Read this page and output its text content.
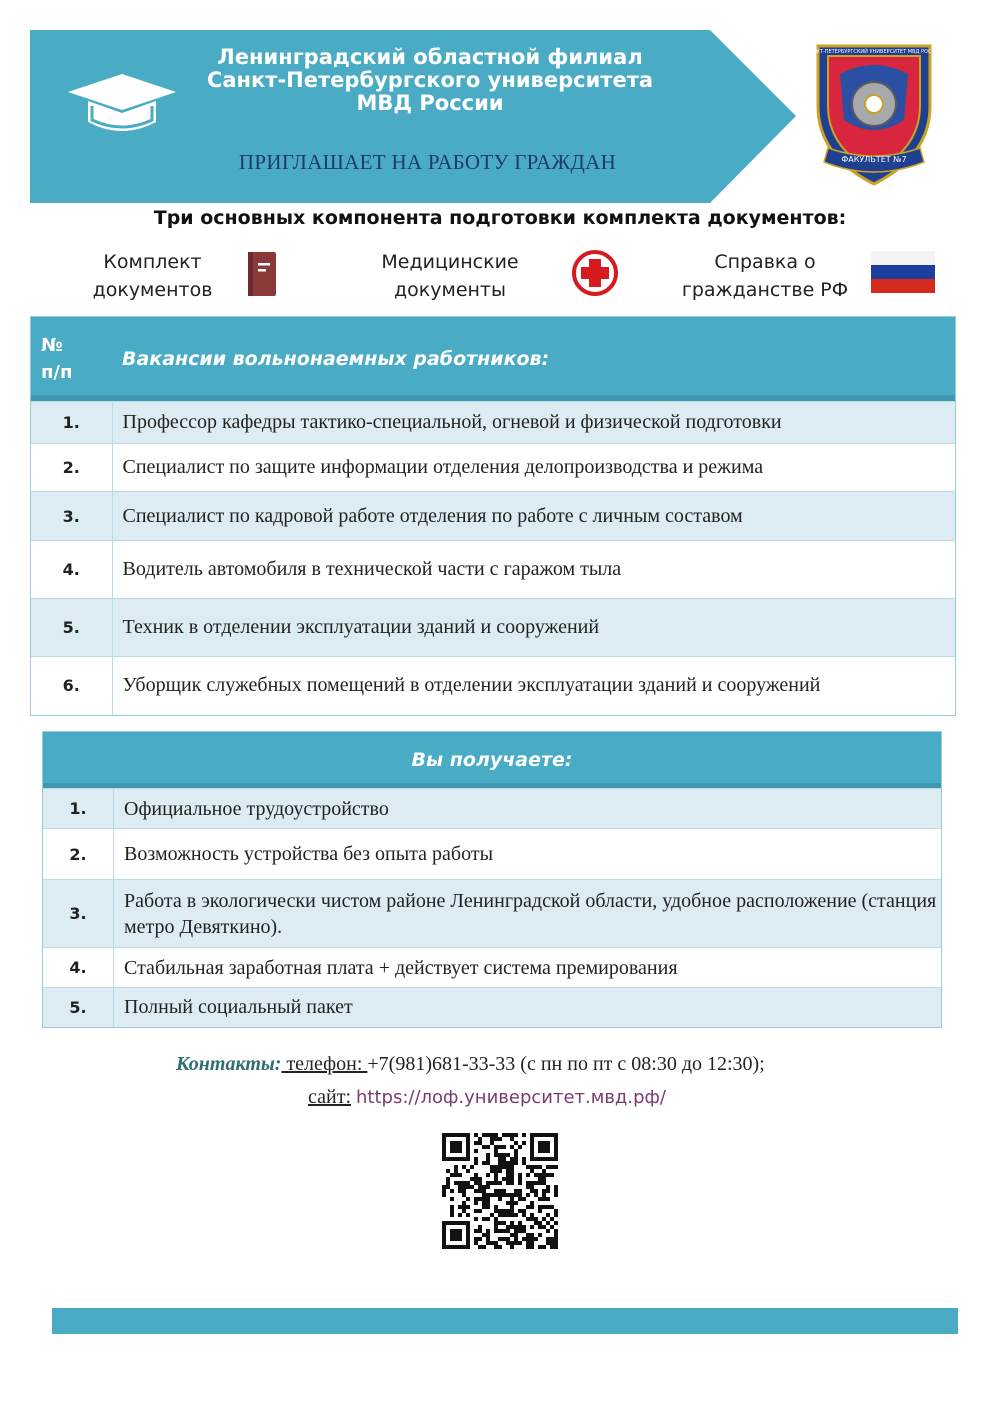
Ленинградский областной филиал
Санкт-Петербургского университета
МВД России
ПРИГЛАШАЕТ НА РАБОТУ ГРАЖДАН
САНКТ-ПЕТЕРБУРГСКИЙ УНИВЕРСИТЕТ МВД РОССИИ
ФАКУЛЬТЕТ №7
Три основных компонента подготовки комплекта документов:
Комплект
документов
Медицинские
документы
Справка о
гражданстве РФ
№
п/п	Вакансии вольнонаемных работников:
1.	Профессор кафедры тактико-специальной, огневой и физической подготовки
2.	Специалист по защите информации отделения делопроизводства и режима
3.	Специалист по кадровой работе отделения по работе с личным составом
4.	Водитель автомобиля в технической части с гаражом тыла
5.	Техник в отделении эксплуатации зданий и сооружений
6.	Уборщик служебных помещений в отделении эксплуатации зданий и сооружений
Вы получаете:	
1.	Официальное трудоустройство
2.	Возможность устройства без опыта работы
3.	Работа в экологически чистом районе Ленинградской области, удобное расположение (станция метро Девяткино).
4.	Стабильная заработная плата + действует система премирования
5.	Полный социальный пакет
Контакты: телефон: +7(981)681-33-33 (с пн по пт с 08:30 до 12:30);
сайт: https://лоф.университет.мвд.рф/
